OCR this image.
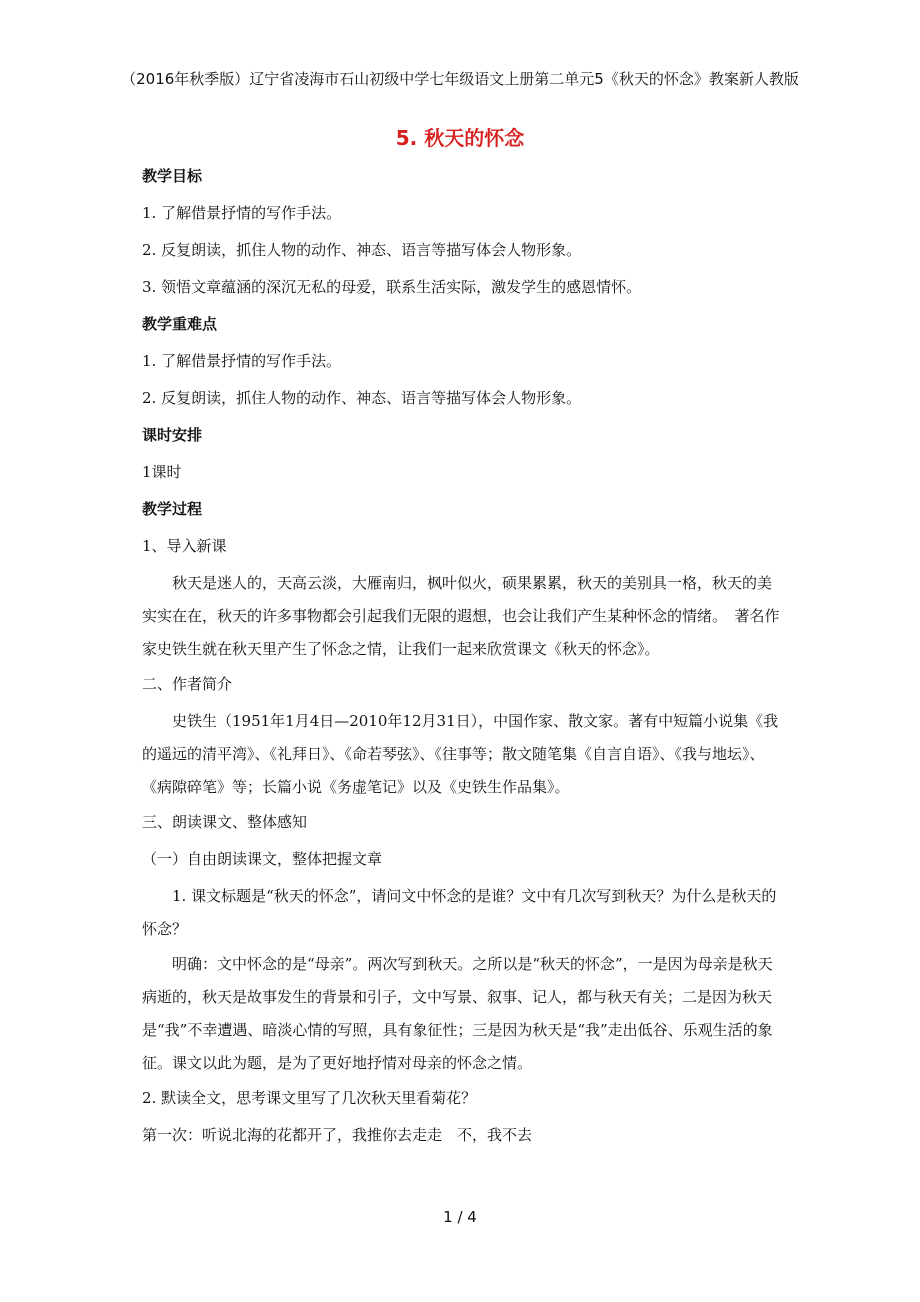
（2016年秋季版）辽宁省凌海市石山初级中学七年级语文上册第二单元5《秋天的怀念》教案新人教版
5. 秋天的怀念
教学目标
1. 了解借景抒情的写作手法。
2. 反复朗读，抓住人物的动作、神态、语言等描写体会人物形象。
3. 领悟文章蕴涵的深沉无私的母爱，联系生活实际，激发学生的感恩情怀。
教学重难点
1. 了解借景抒情的写作手法。
2. 反复朗读，抓住人物的动作、神态、语言等描写体会人物形象。
课时安排
1课时
教学过程
1、导入新课
秋天是迷人的，天高云淡，大雁南归，枫叶似火，硕果累累，秋天的美别具一格，秋天的美实实在在，秋天的许多事物都会引起我们无限的遐想，也会让我们产生某种怀念的情绪。　著名作家史铁生就在秋天里产生了怀念之情，让我们一起来欣赏课文《秋天的怀念》。
二、作者简介
史铁生（1951年1月4日—2010年12月31日），中国作家、散文家。著有中短篇小说集《我的遥远的清平湾》、《礼拜日》、《命若琴弦》、《往事等；散文随笔集《自言自语》、《我与地坛》、《病隙碎笔》等；长篇小说《务虚笔记》以及《史铁生作品集》。
三、朗读课文、整体感知
（一）自由朗读课文，整体把握文章
1. 课文标题是“秋天的怀念”，请问文中怀念的是谁？文中有几次写到秋天？为什么是秋天的怀念？
明确：文中怀念的是“母亲”。两次写到秋天。之所以是“秋天的怀念”，一是因为母亲是秋天病逝的，秋天是故事发生的背景和引子，文中写景、叙事、记人，都与秋天有关；二是因为秋天是“我”不幸遭遇、暗淡心情的写照，具有象征性；三是因为秋天是“我”走出低谷、乐观生活的象征。课文以此为题，是为了更好地抒情对母亲的怀念之情。
2. 默读全文，思考课文里写了几次秋天里看菊花？
第一次：听说北海的花都开了，我推你去走走　不，我不去
1 / 4
